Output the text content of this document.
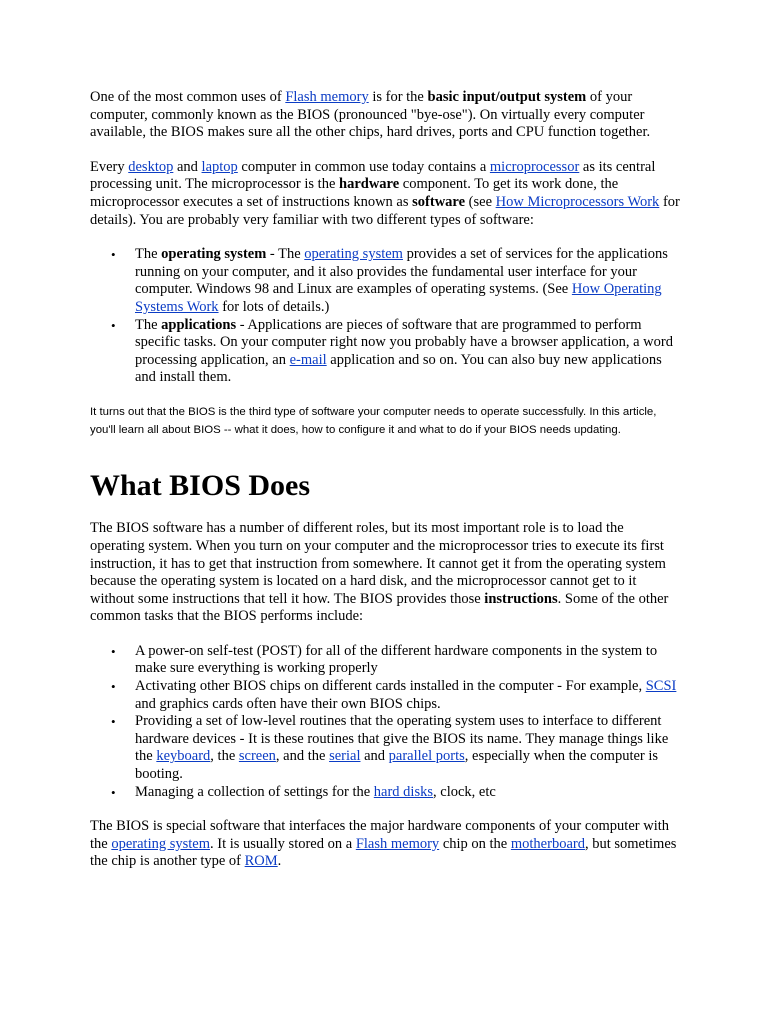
One of the most common uses of Flash memory is for the basic input/output system of your computer, commonly known as the BIOS (pronounced "bye-ose"). On virtually every computer available, the BIOS makes sure all the other chips, hard drives, ports and CPU function together.

Every desktop and laptop computer in common use today contains a microprocessor as its central processing unit. The microprocessor is the hardware component. To get its work done, the microprocessor executes a set of instructions known as software (see How Microprocessors Work for details). You are probably very familiar with two different types of software:

• The operating system - The operating system provides a set of services for the applications running on your computer, and it also provides the fundamental user interface for your computer. Windows 98 and Linux are examples of operating systems. (See How Operating Systems Work for lots of details.)
• The applications - Applications are pieces of software that are programmed to perform specific tasks. On your computer right now you probably have a browser application, a word processing application, an e-mail application and so on. You can also buy new applications and install them.

It turns out that the BIOS is the third type of software your computer needs to operate successfully. In this article, you'll learn all about BIOS -- what it does, how to configure it and what to do if your BIOS needs updating.

What BIOS Does

The BIOS software has a number of different roles, but its most important role is to load the operating system. When you turn on your computer and the microprocessor tries to execute its first instruction, it has to get that instruction from somewhere. It cannot get it from the operating system because the operating system is located on a hard disk, and the microprocessor cannot get to it without some instructions that tell it how. The BIOS provides those instructions. Some of the other common tasks that the BIOS performs include:

• A power-on self-test (POST) for all of the different hardware components in the system to make sure everything is working properly
• Activating other BIOS chips on different cards installed in the computer - For example, SCSI and graphics cards often have their own BIOS chips.
• Providing a set of low-level routines that the operating system uses to interface to different hardware devices - It is these routines that give the BIOS its name. They manage things like the keyboard, the screen, and the serial and parallel ports, especially when the computer is booting.
• Managing a collection of settings for the hard disks, clock, etc

The BIOS is special software that interfaces the major hardware components of your computer with the operating system. It is usually stored on a Flash memory chip on the motherboard, but sometimes the chip is another type of ROM.
